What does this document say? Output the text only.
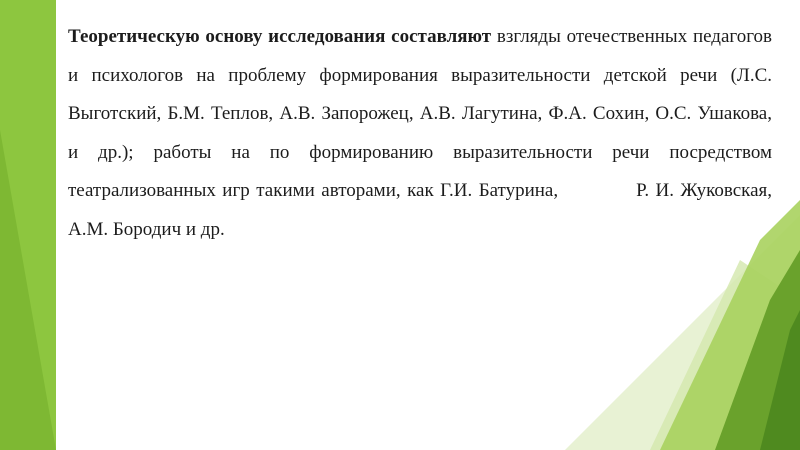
Теоретическую основу исследования составляют взгляды отечественных педагогов и психологов на проблему формирования выразительности детской речи (Л.С. Выготский, Б.М. Теплов, А.В. Запорожец, А.В. Лагутина, Ф.А. Сохин, О.С. Ушакова, и др.); работы на по формированию выразительности речи посредством театрализованных игр такими авторами, как Г.И. Батурина,	Р. И. Жуковская, А.М. Бородич и др.
